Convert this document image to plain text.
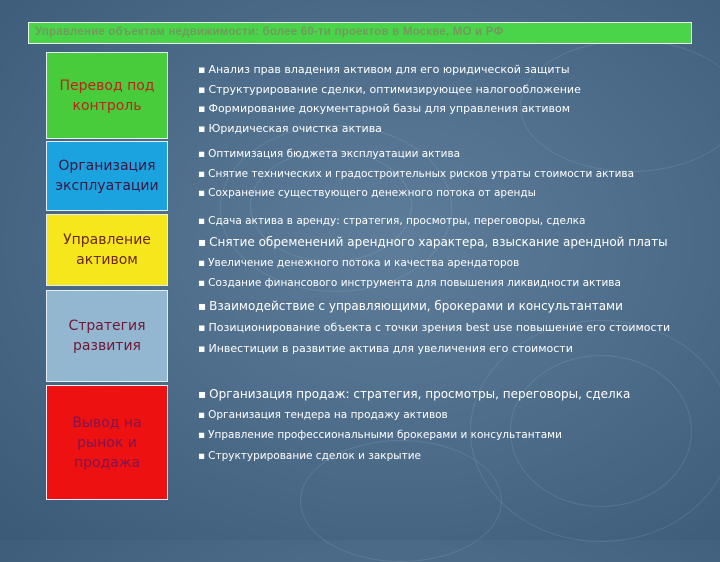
Управление объектам недвижимости: более 60-ти проектов в Москве, МО и РФ
Перевод под контроль
Организация эксплуатации
Управление активом
Стратегия развития
Вывод на рынок и продажа
▪ Анализ прав владения активом для его юридической защиты
▪ Структурирование сделки, оптимизирующее налогообложение
▪ Формирование документарной базы для управления активом
▪ Юридическая очистка актива
▪ Оптимизация бюджета эксплуатации актива
▪ Снятие технических и градостроительных рисков утраты стоимости актива
▪ Сохранение существующего денежного потока от аренды
▪ Сдача актива в аренду: стратегия, просмотры, переговоры, сделка
▪ Снятие обременений арендного характера, взыскание арендной платы
▪ Увеличение денежного потока и качества арендаторов
▪ Создание финансового инструмента для повышения ликвидности актива
▪ Взаимодействие с управляющими, брокерами и консультантами
▪ Позиционирование объекта с точки зрения best use повышение его стоимости
▪ Инвестиции в развитие актива для увеличения его стоимости
▪ Организация продаж: стратегия, просмотры, переговоры, сделка
▪ Организация тендера на продажу активов
▪ Управление профессиональными брокерами и консультантами
▪ Структурирование сделок и закрытие
